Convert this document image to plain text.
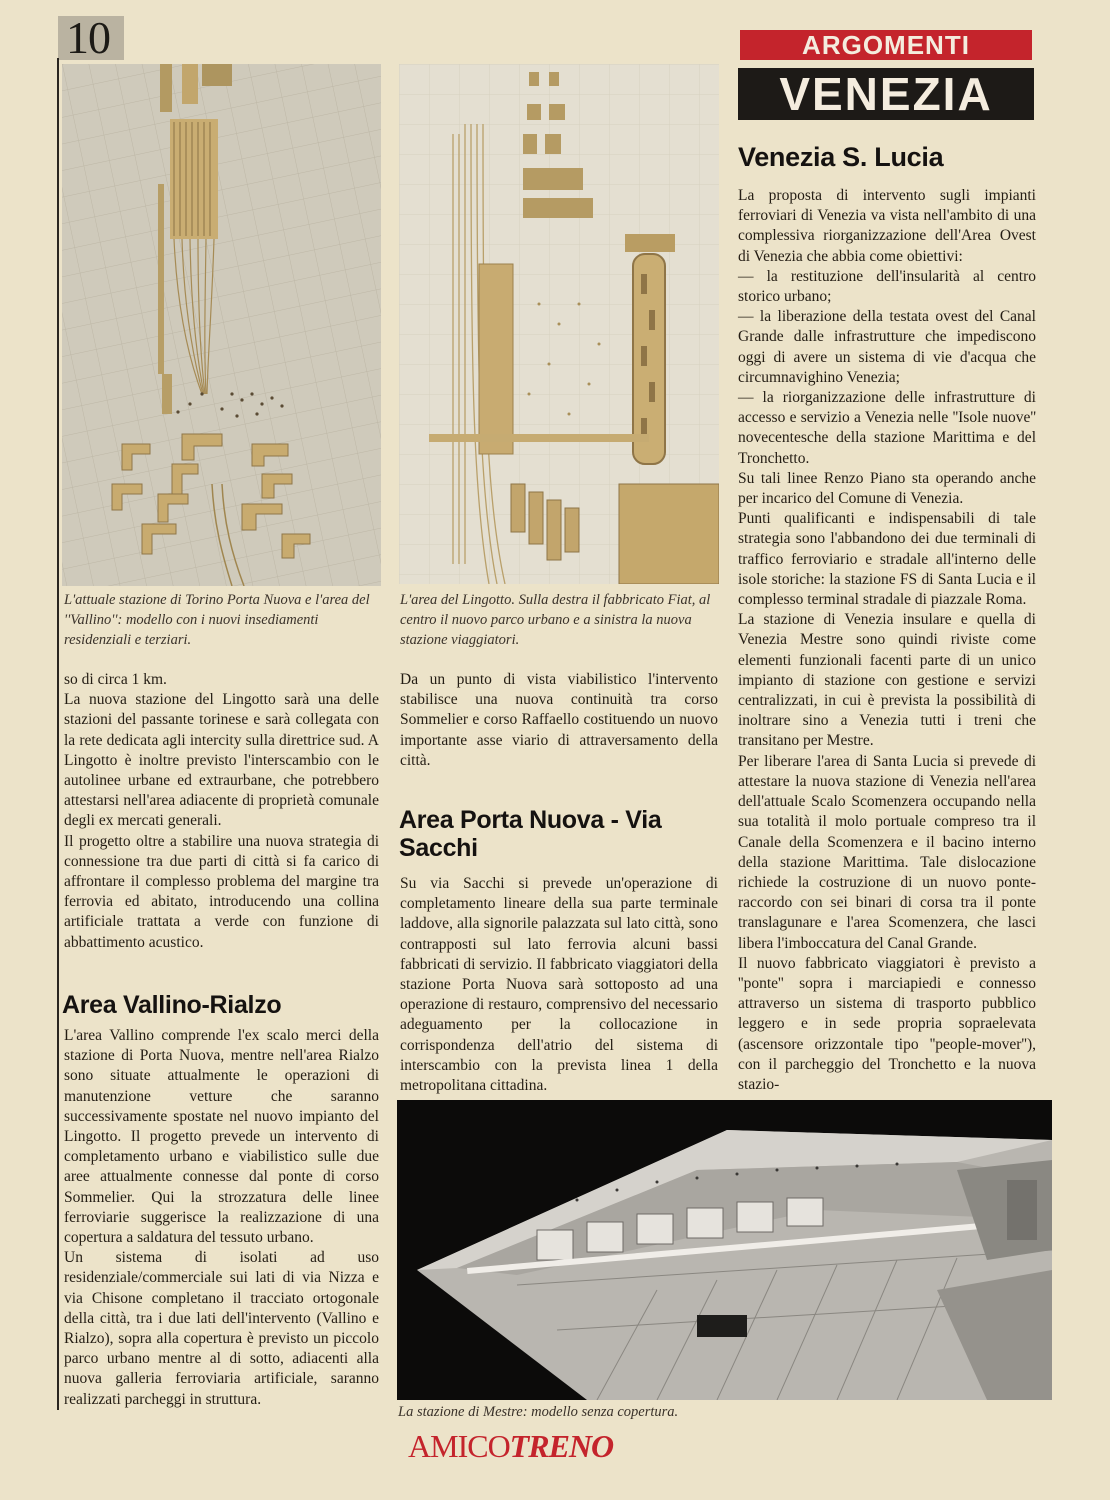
10	ARGOMENTI
VENEZIA

L'attuale stazione di Torino Porta Nuova e l'area del ''Vallino'': modello con i nuovi insediamenti residenziali e terziari.

L'area del Lingotto. Sulla destra il fabbricato Fiat, al centro il nuovo parco urbano e a sinistra la nuova stazione viaggiatori.

so di circa 1 km.

La nuova stazione del Lingotto sarà una delle stazioni del passante torinese e sarà collegata con la rete dedicata agli intercity sulla direttrice sud. A Lingotto è inoltre previsto l'interscambio con le autolinee urbane ed extraurbane, che potrebbero attestarsi nell'area adiacente di proprietà comunale degli ex mercati generali.

Il progetto oltre a stabilire una nuova strategia di connessione tra due parti di città si fa carico di affrontare il complesso problema del margine tra ferrovia ed abitato, introducendo una collina artificiale trattata a verde con funzione di abbattimento acustico.

Area Vallino-Rialzo

L'area Vallino comprende l'ex scalo merci della stazione di Porta Nuova, mentre nell'area Rialzo sono situate attualmente le operazioni di manutenzione vetture che saranno successivamente spostate nel nuovo impianto del Lingotto. Il progetto prevede un intervento di completamento urbano e viabilistico sulle due aree attualmente connesse dal ponte di corso Sommelier. Qui la strozzatura delle linee ferroviarie suggerisce la realizzazione di una copertura a saldatura del tessuto urbano.

Un sistema di isolati ad uso residenziale/commerciale sui lati di via Nizza e via Chisone completano il tracciato ortogonale della città, tra i due lati dell'intervento (Vallino e Rialzo), sopra alla copertura è previsto un piccolo parco urbano mentre al di sotto, adiacenti alla nuova galleria ferroviaria artificiale, saranno realizzati parcheggi in struttura.

Da un punto di vista viabilistico l'intervento stabilisce una nuova continuità tra corso Sommelier e corso Raffaello costituendo un nuovo importante asse viario di attraversamento della città.

Area Porta Nuova - Via Sacchi

Su via Sacchi si prevede un'operazione di completamento lineare della sua parte terminale laddove, alla signorile palazzata sul lato città, sono contrapposti sul lato ferrovia alcuni bassi fabbricati di servizio. Il fabbricato viaggiatori della stazione Porta Nuova sarà sottoposto ad una operazione di restauro, comprensivo del necessario adeguamento per la collocazione in corrispondenza dell'atrio del sistema di interscambio con la prevista linea 1 della metropolitana cittadina.

Venezia S. Lucia

La proposta di intervento sugli impianti ferroviari di Venezia va vista nell'ambito di una complessiva riorganizzazione dell'Area Ovest di Venezia che abbia come obiettivi:

— la restituzione dell'insularità al centro storico urbano;

— la liberazione della testata ovest del Canal Grande dalle infrastrutture che impediscono oggi di avere un sistema di vie d'acqua che circumnavighino Venezia;

— la riorganizzazione delle infrastrutture di accesso e servizio a Venezia nelle ''Isole nuove'' novecentesche della stazione Marittima e del Tronchetto.

Su tali linee Renzo Piano sta operando anche per incarico del Comune di Venezia.

Punti qualificanti e indispensabili di tale strategia sono l'abbandono dei due terminali di traffico ferroviario e stradale all'interno delle isole storiche: la stazione FS di Santa Lucia e il complesso terminal stradale di piazzale Roma.

La stazione di Venezia insulare e quella di Venezia Mestre sono quindi riviste come elementi funzionali facenti parte di un unico impianto di stazione con gestione e servizi centralizzati, in cui è prevista la possibilità di inoltrare sino a Venezia tutti i treni che transitano per Mestre.

Per liberare l'area di Santa Lucia si prevede di attestare la nuova stazione di Venezia nell'area dell'attuale Scalo Scomenzera occupando nella sua totalità il molo portuale compreso tra il Canale della Scomenzera e il bacino interno della stazione Marittima. Tale dislocazione richiede la costruzione di un nuovo ponte-raccordo con sei binari di corsa tra il ponte translagunare e l'area Scomenzera, che lasci libera l'imboccatura del Canal Grande.

Il nuovo fabbricato viaggiatori è previsto a ''ponte'' sopra i marciapiedi e connesso attraverso un sistema di trasporto pubblico leggero e in sede propria sopraelevata (ascensore orizzontale tipo ''people-mover''), con il parcheggio del Tronchetto e la nuova stazio-

La stazione di Mestre: modello senza copertura.

AMICOTRENO
